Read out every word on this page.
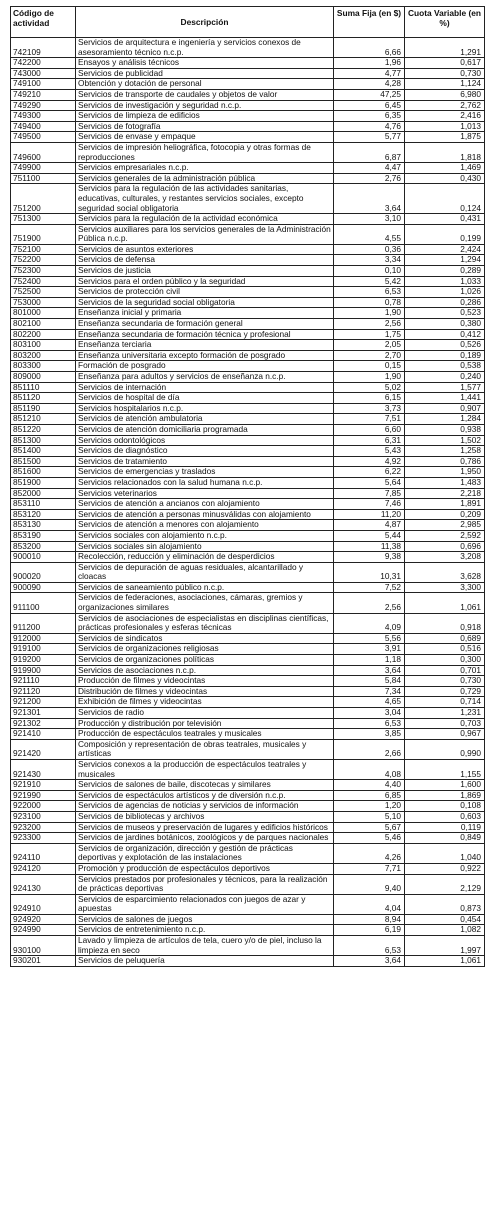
Código de actividad	Descripción	Suma Fija (en $)	Cuota Variable (en %)
742109	Servicios de arquitectura e ingeniería y servicios conexos de asesoramiento técnico n.c.p.	6,66	1,291
742200	Ensayos y análisis técnicos	1,96	0,617
743000	Servicios de publicidad	4,77	0,730
749100	Obtención y dotación de personal	4,28	1,124
749210	Servicios de transporte de caudales y objetos de valor	47,25	6,980
749290	Servicios de investigación y seguridad n.c.p.	6,45	2,762
749300	Servicios de limpieza de edificios	6,35	2,416
749400	Servicios de fotografía	4,76	1,013
749500	Servicios de envase y empaque	5,77	1,875
749600	Servicios de impresión heliográfica, fotocopia y otras formas de reproducciones	6,87	1,818
749900	Servicios empresariales n.c.p.	4,47	1,469
751100	Servicios generales de la administración pública	2,76	0,430
751200	Servicios para la regulación de las actividades sanitarias, educativas, culturales, y restantes servicios sociales, excepto seguridad social obligatoria	3,64	0,124
751300	Servicios para la regulación de la actividad económica	3,10	0,431
751900	Servicios auxiliares para los servicios generales de la Administración Pública n.c.p.	4,55	0,199
752100	Servicios de asuntos exteriores	0,36	2,424
752200	Servicios de defensa	3,34	1,294
752300	Servicios de justicia	0,10	0,289
752400	Servicios para el orden público y la seguridad	5,42	1,033
752500	Servicios de protección civil	6,53	1,026
753000	Servicios de la seguridad social obligatoria	0,78	0,286
801000	Enseñanza inicial y primaria	1,90	0,523
802100	Enseñanza secundaria de formación general	2,56	0,380
802200	Enseñanza secundaria de formación técnica y profesional	1,75	0,412
803100	Enseñanza terciaria	2,05	0,526
803200	Enseñanza universitaria excepto formación de posgrado	2,70	0,189
803300	Formación de posgrado	0,15	0,538
809000	Enseñanza para adultos y servicios de enseñanza n.c.p.	1,90	0,240
851110	Servicios de internación	5,02	1,577
851120	Servicios de hospital de día	6,15	1,441
851190	Servicios hospitalarios n.c.p.	3,73	0,907
851210	Servicios de atención ambulatoria	7,51	1,284
851220	Servicios de atención domiciliaria programada	6,60	0,938
851300	Servicios odontológicos	6,31	1,502
851400	Servicios de diagnóstico	5,43	1,258
851500	Servicios de tratamiento	4,92	0,786
851600	Servicios de emergencias y traslados	6,22	1,950
851900	Servicios relacionados con la salud humana n.c.p.	5,64	1,483
852000	Servicios veterinarios	7,85	2,218
853110	Servicios de atención a ancianos con alojamiento	7,46	1,891
853120	Servicios de atención a personas minusválidas con alojamiento	11,20	0,209
853130	Servicios de atención a menores con alojamiento	4,87	2,985
853190	Servicios sociales con alojamiento n.c.p.	5,44	2,592
853200	Servicios sociales sin alojamiento	11,38	0,696
900010	Recolección, reducción y eliminación de desperdicios	9,38	3,208
900020	Servicios de depuración de aguas residuales, alcantarillado y cloacas	10,31	3,628
900090	Servicios de saneamiento público n.c.p.	7,52	3,300
911100	Servicios de federaciones, asociaciones, cámaras, gremios y organizaciones similares	2,56	1,061
911200	Servicios de asociaciones de especialistas en disciplinas científicas, prácticas profesionales y esferas técnicas	4,09	0,918
912000	Servicios de sindicatos	5,56	0,689
919100	Servicios de organizaciones religiosas	3,91	0,516
919200	Servicios de organizaciones políticas	1,18	0,300
919900	Servicios de asociaciones n.c.p.	3,64	0,701
921110	Producción de filmes y videocintas	5,84	0,730
921120	Distribución de filmes y videocintas	7,34	0,729
921200	Exhibición de filmes y videocintas	4,65	0,714
921301	Servicios de radio	3,04	1,231
921302	Producción y distribución por televisión	6,53	0,703
921410	Producción de espectáculos teatrales y musicales	3,85	0,967
921420	Composición y representación de obras teatrales, musicales y artísticas	2,66	0,990
921430	Servicios conexos a la producción de espectáculos teatrales y musicales	4,08	1,155
921910	Servicios de salones de baile, discotecas y similares	4,40	1,600
921990	Servicios de espectáculos artísticos y de diversión n.c.p.	6,85	1,869
922000	Servicios de agencias de noticias y servicios de información	1,20	0,108
923100	Servicios de bibliotecas y archivos	5,10	0,603
923200	Servicios de museos y preservación de lugares y edificios históricos	5,67	0,119
923300	Servicios de jardines botánicos, zoológicos y de parques nacionales	5,46	0,849
924110	Servicios de organización, dirección y gestión de prácticas deportivas y explotación de las instalaciones	4,26	1,040
924120	Promoción y producción de espectáculos deportivos	7,71	0,922
924130	Servicios prestados por profesionales y técnicos, para la realización de prácticas deportivas	9,40	2,129
924910	Servicios de esparcimiento relacionados con juegos de azar y apuestas	4,04	0,873
924920	Servicios de salones de juegos	8,94	0,454
924990	Servicios de entretenimiento n.c.p.	6,19	1,082
930100	Lavado y limpieza de artículos de tela, cuero y/o de piel, incluso la limpieza en seco	6,53	1,997
930201	Servicios de peluquería	3,64	1,061
